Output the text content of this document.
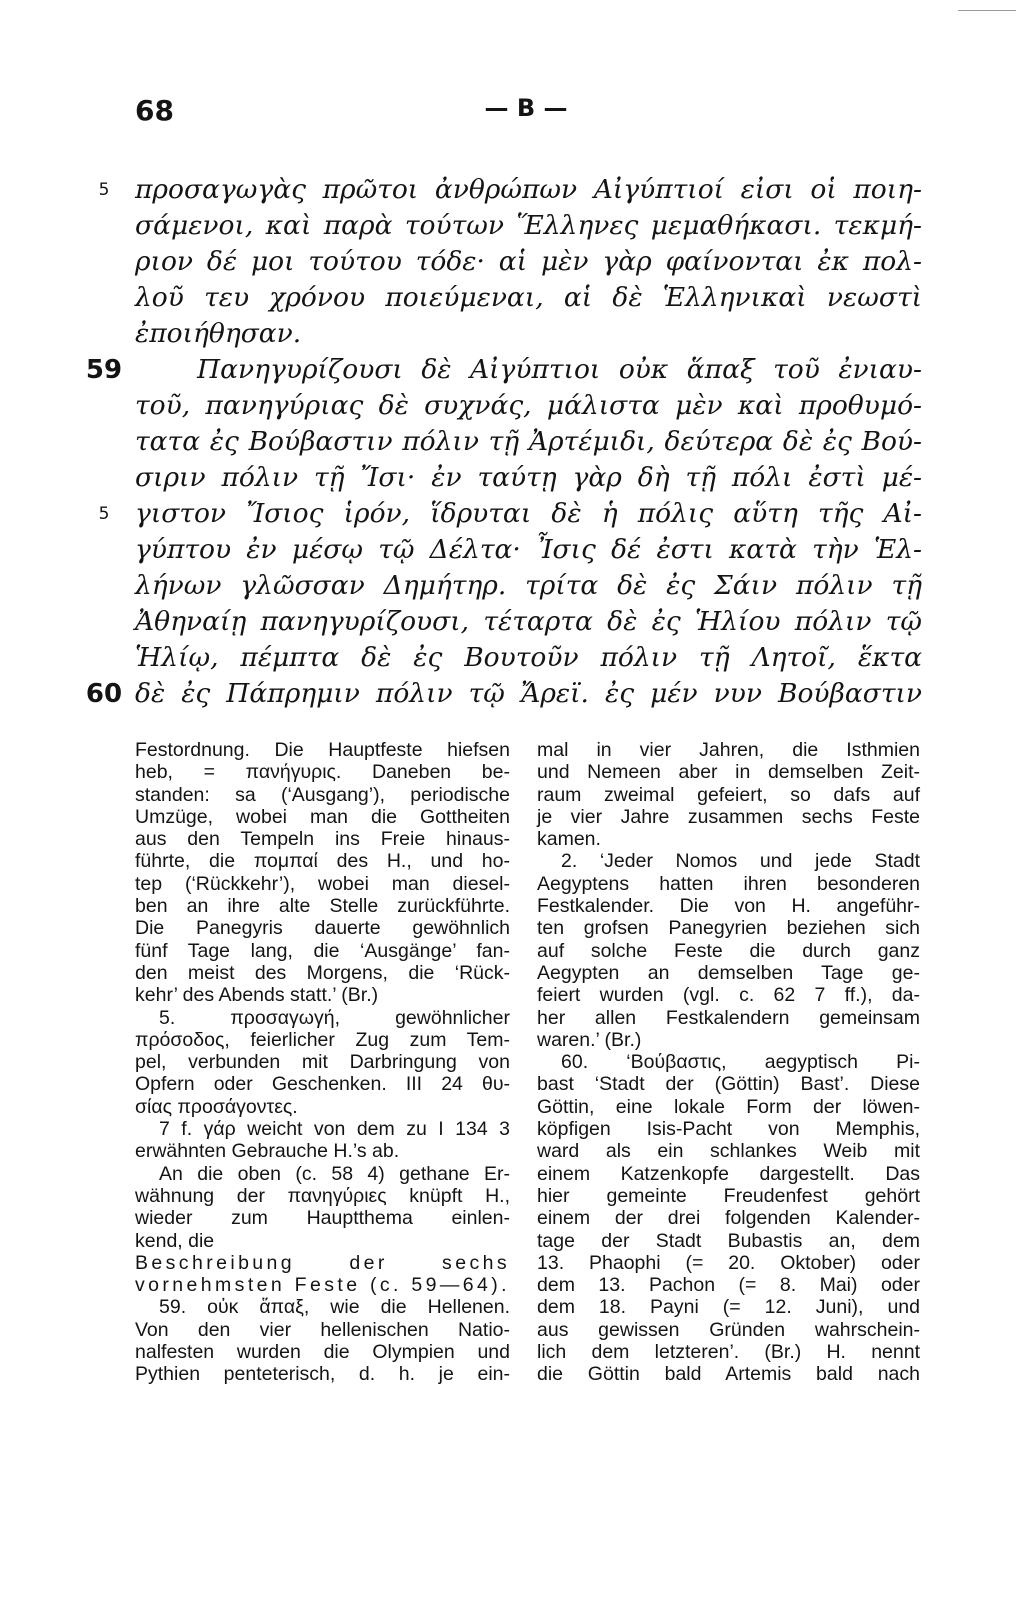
68	— B —
5 προσαγωγὰς πρῶτοι ἀνθρώπων Αἰγύπτιοί εἰσι οἱ ποιη-
σάμενοι, καὶ παρὰ τούτων Ἕλληνες μεμαθήκασι. τεκμή-
ριον δέ μοι τούτου τόδε· αἱ μὲν γὰρ φαίνονται ἐκ πολ-
λοῦ τευ χρόνου ποιεύμεναι, αἱ δὲ Ἑλληνικαὶ νεωστὶ
ἐποιήθησαν.
59	Πανηγυρίζουσι δὲ Αἰγύπτιοι οὐκ ἅπαξ τοῦ ἐνιαυ-
τοῦ, πανηγύριας δὲ συχνάς, μάλιστα μὲν καὶ προθυμό-
τατα ἐς Βούβαστιν πόλιν τῇ Ἀρτέμιδι, δεύτερα δὲ ἐς Βού-
σιριν πόλιν τῇ Ἴσι· ἐν ταύτῃ γὰρ δὴ τῇ πόλι ἐστὶ μέ-
5 γιστον Ἴσιος ἱρόν, ἵδρυται δὲ ἡ πόλις αὕτη τῆς Αἰ-
γύπτου ἐν μέσῳ τῷ Δέλτα· Ἶσις δέ ἐστι κατὰ τὴν Ἑλ-
λήνων γλῶσσαν Δημήτηρ. τρίτα δὲ ἐς Σάιν πόλιν τῇ
Ἀθηναίῃ πανηγυρίζουσι, τέταρτα δὲ ἐς Ἡλίου πόλιν τῷ
Ἡλίῳ, πέμπτα δὲ ἐς Βουτοῦν πόλιν τῇ Λητοῖ, ἕκτα
60 δὲ ἐς Πάπρημιν πόλιν τῷ Ἄρεϊ. ἐς μέν νυν Βούβαστιν
Festordnung. Die Hauptfeste hiefsen
heb, = πανήγυρις. Daneben be-
standen: sa (‘Ausgang’), periodische
Umzüge, wobei man die Gottheiten
aus den Tempeln ins Freie hinaus-
führte, die πομπαί des H., und ho-
tep (‘Rückkehr’), wobei man diesel-
ben an ihre alte Stelle zurückführte.
Die Panegyris dauerte gewöhnlich
fünf Tage lang, die ‘Ausgänge’ fan-
den meist des Morgens, die ‘Rück-
kehr’ des Abends statt.’ (Br.)
5. προσαγωγή, gewöhnlicher
πρόσοδος, feierlicher Zug zum Tem-
pel, verbunden mit Darbringung von
Opfern oder Geschenken. III 24 θυ-
σίας προσάγοντες.
7 f. γάρ weicht von dem zu I 134 3
erwähnten Gebrauche H.’s ab.
An die oben (c. 58 4) gethane Er-
wähnung der πανηγύριες knüpft H.,
wieder zum Hauptthema einlen-
kend, die
Beschreibung der sechs
vornehmsten Feste (c. 59—64).
59. οὐκ ἅπαξ, wie die Hellenen.
Von den vier hellenischen Natio-
nalfesten wurden die Olympien und
Pythien penteterisch, d. h. je ein-
mal in vier Jahren, die Isthmien
und Nemeen aber in demselben Zeit-
raum zweimal gefeiert, so dafs auf
je vier Jahre zusammen sechs Feste
kamen.
2. ‘Jeder Nomos und jede Stadt
Aegyptens hatten ihren besonderen
Festkalender. Die von H. angeführ-
ten grofsen Panegyrien beziehen sich
auf solche Feste die durch ganz
Aegypten an demselben Tage ge-
feiert wurden (vgl. c. 62 7 ff.), da-
her allen Festkalendern gemeinsam
waren.’ (Br.)
60. ‘Βούβαστις, aegyptisch Pi-
bast ‘Stadt der (Göttin) Bast’. Diese
Göttin, eine lokale Form der löwen-
köpfigen Isis-Pacht von Memphis,
ward als ein schlankes Weib mit
einem Katzenkopfe dargestellt. Das
hier gemeinte Freudenfest gehört
einem der drei folgenden Kalender-
tage der Stadt Bubastis an, dem
13. Phaophi (= 20. Oktober) oder
dem 13. Pachon (= 8. Mai) oder
dem 18. Payni (= 12. Juni), und
aus gewissen Gründen wahrschein-
lich dem letzteren’. (Br.) H. nennt
die Göttin bald Artemis bald nach
